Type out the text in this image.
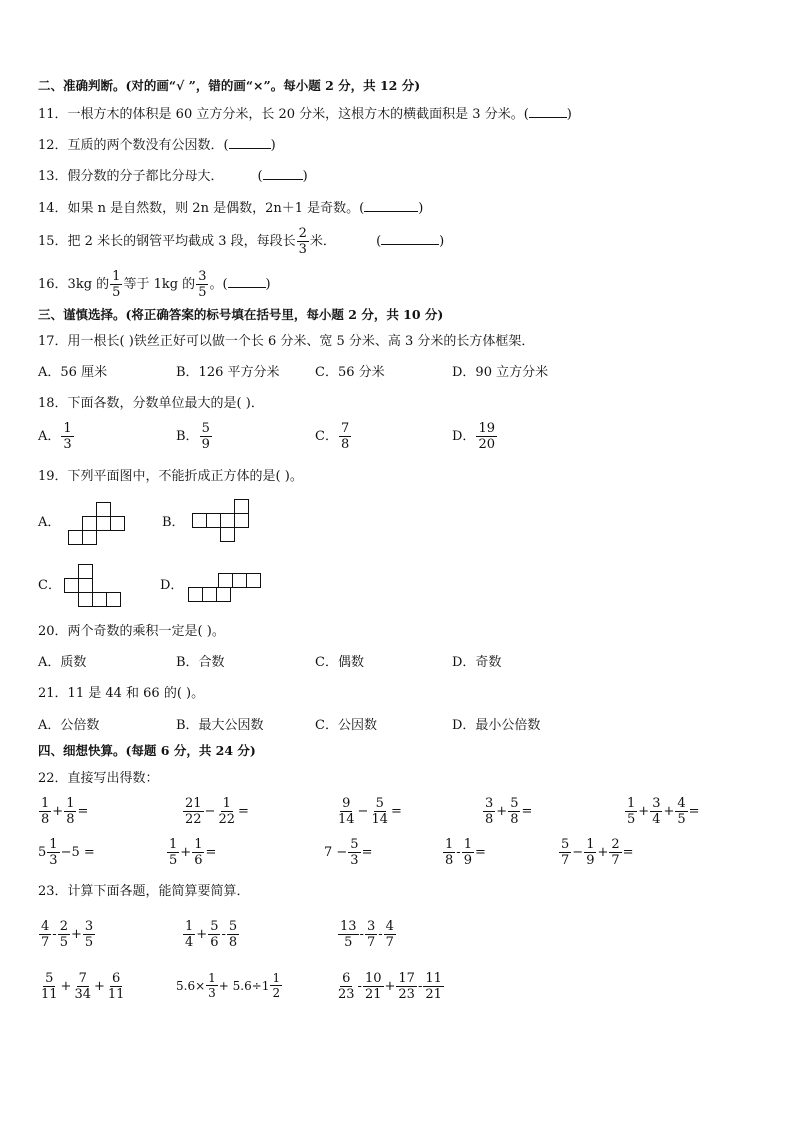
二、准确判断。(对的画“√ ”，错的画“×”。每小题 2 分，共 12 分)
11．一根方木的体积是 60 立方分米，长 20 分米，这根方木的横截面积是 3 分米。(	)
12．互质的两个数没有公因数．(	)
13．假分数的分子都比分母大．	(	)
14．如果 n 是自然数，则 2n 是偶数，2n＋1 是奇数。(	)
15．把 2 米长的钢管平均截成 3 段，每段长 $\frac{2}{3}$ 米．	(	)
16．3kg 的 $\frac{1}{5}$ 等于 1kg 的 $\frac{3}{5}$ 。(	)
三、谨慎选择。(将正确答案的标号填在括号里，每小题 2 分，共 10 分)
17．用一根长( )铁丝正好可以做一个长 6 分米、宽 5 分米、高 3 分米的长方体框架．
A．56 厘米	B．126 平方分米	C．56 分米	D．90 立方分米
18．下面各数，分数单位最大的是( )．
A． $\frac{1}{3}$	B． $\frac{5}{9}$	C． $\frac{7}{8}$	D． $\frac{19}{20}$
19．下列平面图中，不能折成正方体的是( )。
A．	B．
C．	D．
20．两个奇数的乘积一定是( )。
A．质数	B．合数	C．偶数	D．奇数
21．11 是 44 和 66 的( )。
A．公倍数	B．最大公因数	C．公因数	D．最小公倍数
四、细想快算。(每题 6 分，共 24 分)
22．直接写出得数：
$\frac{1}{8} + \frac{1}{8}$ =	$\frac{21}{22} - \frac{1}{22}$ =	$\frac{9}{14} - \frac{5}{14}$ =	$\frac{3}{8} + \frac{5}{8}$ =	$\frac{1}{5} + \frac{3}{4} + \frac{4}{5}$ =
$5 \frac{1}{3} -5$ =	$\frac{1}{5} + \frac{1}{6}$ =	$7 - \frac{5}{3}$ =	$\frac{1}{8} - \frac{1}{9}$ =	$\frac{5}{7} - \frac{1}{9} + \frac{2}{7}$ =
23．计算下面各题，能简算要简算．
$\frac{4}{7} - \frac{2}{5} + \frac{3}{5}$	$\frac{1}{4} + \frac{5}{6} - \frac{5}{8}$	$\frac{13}{5} - \frac{3}{7} - \frac{4}{7}$
$\frac{5}{11} + \frac{7}{34} + \frac{6}{11}$	$5.6\times \frac{1}{3} + 5.6\div 1 \frac{1}{2}$	$\frac{6}{23} - \frac{10}{21} + \frac{17}{23} - \frac{11}{21}$
